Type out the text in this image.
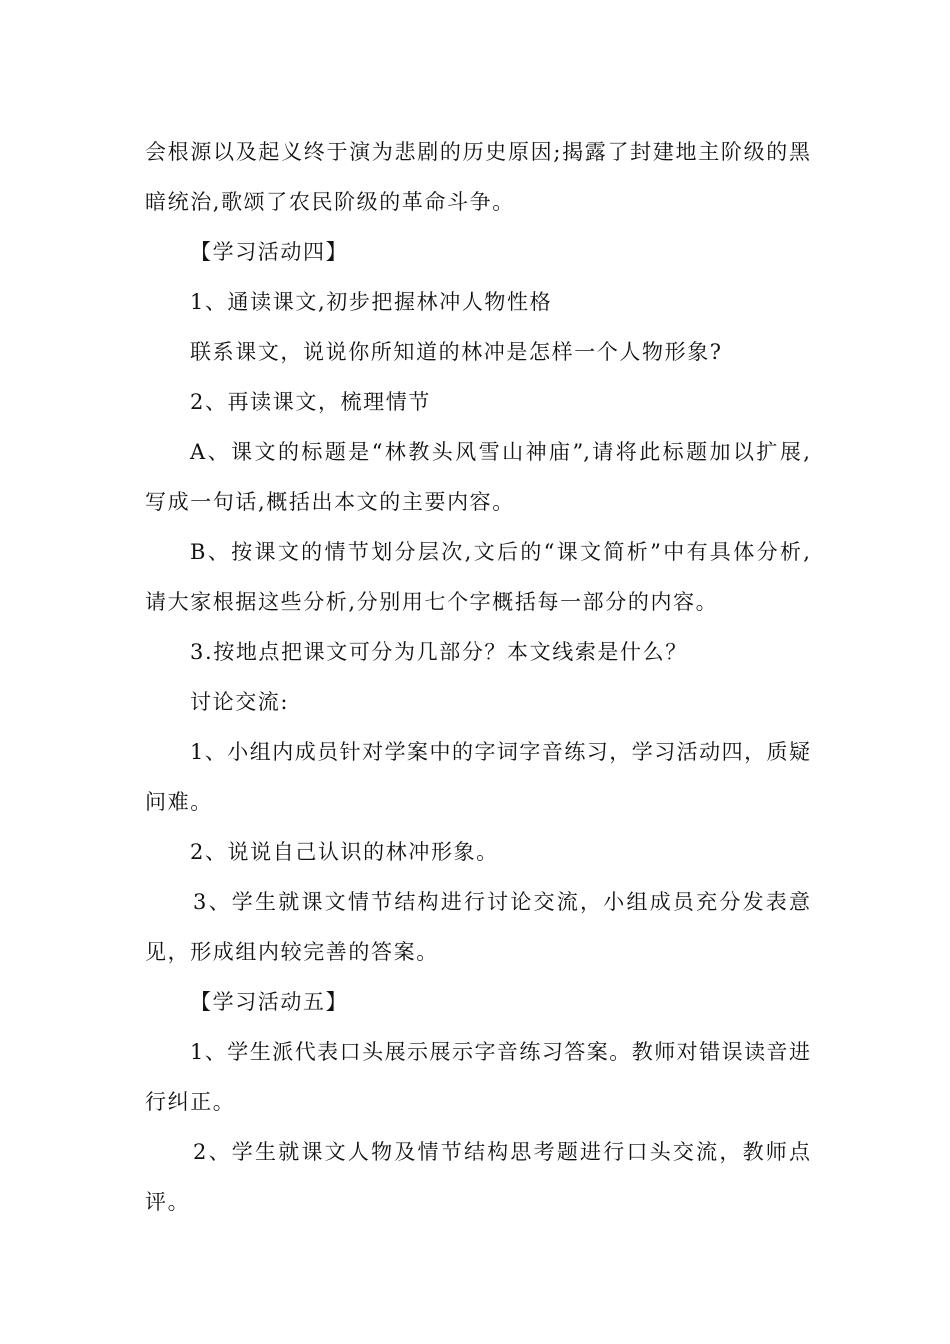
会根源以及起义终于演为悲剧的历史原因;揭露了封建地主阶级的黑
暗统治,歌颂了农民阶级的革命斗争。
【学习活动四】
1、通读课文,初步把握林冲人物性格
联系课文，说说你所知道的林冲是怎样一个人物形象?
2、再读课文，梳理情节
A、课文的标题是“林教头风雪山神庙”,请将此标题加以扩展,
写成一句话,概括出本文的主要内容。
B、按课文的情节划分层次,文后的“课文简析”中有具体分析,
请大家根据这些分析,分别用七个字概括每一部分的内容。
3.按地点把课文可分为几部分？本文线索是什么？
讨论交流:
1、小组内成员针对学案中的字词字音练习，学习活动四，质疑
问难。
2、说说自己认识的林冲形象。
3、学生就课文情节结构进行讨论交流，小组成员充分发表意
见，形成组内较完善的答案。
【学习活动五】
1、学生派代表口头展示展示字音练习答案。教师对错误读音进
行纠正。
2、学生就课文人物及情节结构思考题进行口头交流，教师点
评。
